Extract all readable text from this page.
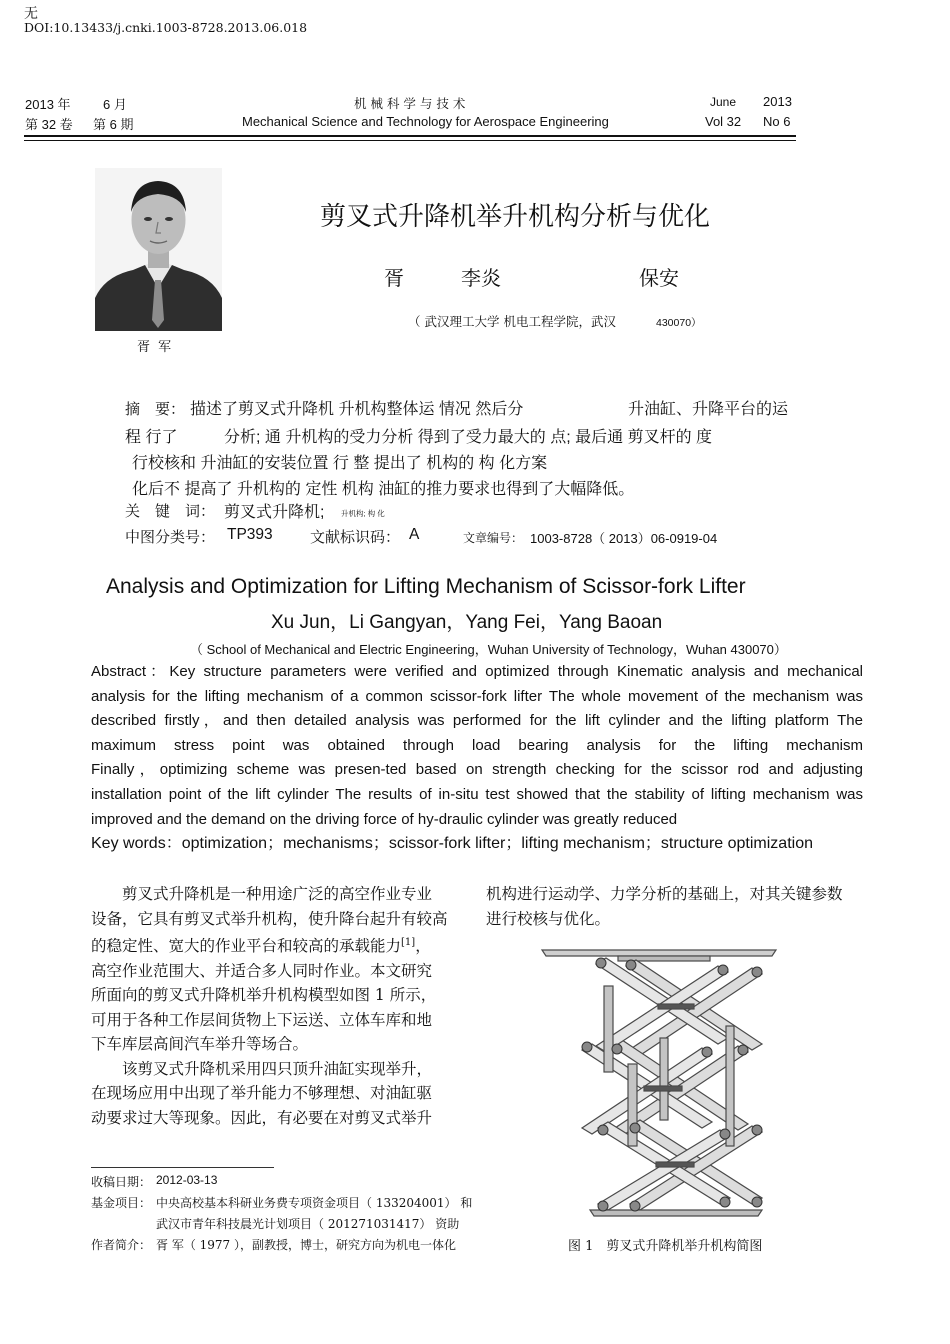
无
DOI:10.13433/j.cnki.1003-8728.2013.06.018
2013 年 6 月
第 32 卷 第 6 期
机 械 科 学 与 技 术
Mechanical Science and Technology for Aerospace Engineering
June 2013
Vol 32 No 6
胥 军
剪叉式升降机举升机构分析与优化
胥	李炎	保安
（ 武汉理工大学 机电工程学院，武汉	430070）
摘　要： 描述了剪叉式升降机 升机构整体运 情况 然后分	升油缸、升降平台的运
程 行了	分析; 通 升机构的受力分析 得到了受力最大的 点; 最后通 剪叉杆的 度
行校核和 升油缸的安装位置 行 整 提出了 机构的 构 化方案
化后不 提高了 升机构的 定性 机构 油缸的推力要求也得到了大幅降低。
关　键　词： 剪叉式升降机; 升机构; 构 化
中图分类号： TP393 文献标识码： A	文章编号： 1003-8728（ 2013）06-0919-04
Analysis and Optimization for Lifting Mechanism of Scissor-fork Lifter
Xu Jun，Li Gangyan，Yang Fei，Yang Baoan
（ School of Mechanical and Electric Engineering，Wuhan University of Technology，Wuhan 430070）
Abstract：Key structure parameters were verified and optimized through Kinematic analysis and mechanical
analysis for the lifting mechanism of a common scissor-fork lifter The whole movement of the mechanism was
described firstly，and then detailed analysis was performed for the lift cylinder and the lifting platform The
maximum stress point was obtained through load bearing analysis for the lifting mechanism
Finally，optimizing scheme was presen-ted based on strength checking for the scissor rod and adjusting
installation point of the lift cylinder The results of in-situ test showed that the stability of lifting mechanism was
improved and the demand on the driving force of hy-draulic cylinder was greatly reduced
Key words：optimization；mechanisms；scissor-fork lifter；lifting mechanism；structure optimization
　　剪叉式升降机是一种用途广泛的高空作业专业
设备，它具有剪叉式举升机构，使升降台起升有较高
的稳定性、宽大的作业平台和较高的承载能力[1]，
高空作业范围大、并适合多人同时作业。本文研究
所面向的剪叉式升降机举升机构模型如图 1 所示，
可用于各种工作层间货物上下运送、立体车库和地
下车库层高间汽车举升等场合。
　　该剪叉式升降机采用四只顶升油缸实现举升，
在现场应用中出现了举升能力不够理想、对油缸驱
动要求过大等现象。因此，有必要在对剪叉式举升
机构进行运动学、力学分析的基础上，对其关键参数
进行校核与优化。
图 1　剪叉式升降机举升机构简图
收稿日期： 2012-03-13
基金项目： 中央高校基本科研业务费专项资金项目（ 133204001） 和
武汉市青年科技晨光计划项目（ 201271031417） 资助
作者简介： 胥 军（ 1977 ），副教授，博士，研究方向为机电一体化
